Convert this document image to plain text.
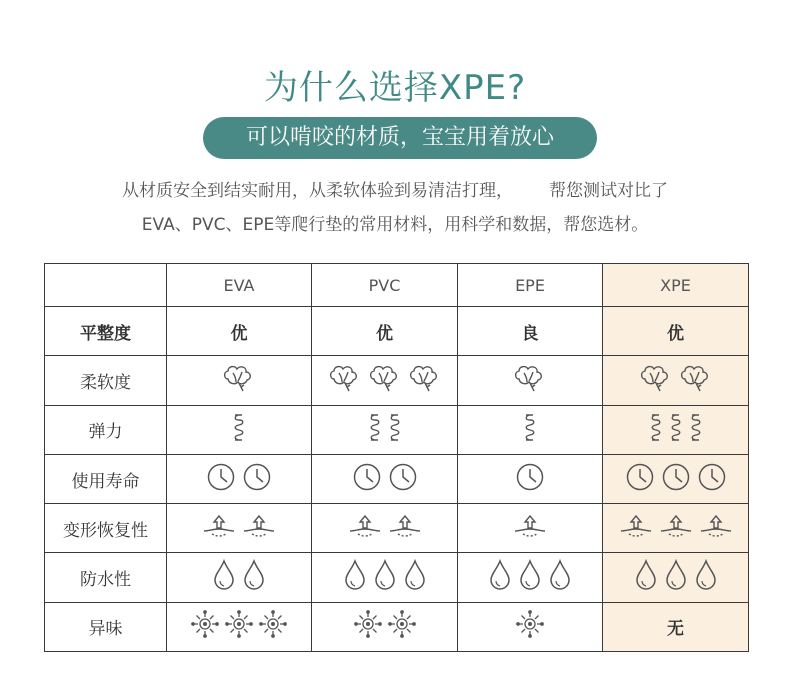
为什么选择XPE?
可以啃咬的材质，宝宝用着放心
从材质安全到结实耐用，从柔软体验到易清洁打理， 帮您测试对比了
EVA、PVC、EPE等爬行垫的常用材料，用科学和数据，帮您选材。
	EVA	PVC	EPE	XPE
平整度	优	优	良	优
柔软度	

弹力	

使用寿命	

变形恢复性	

防水性	

异味				无
